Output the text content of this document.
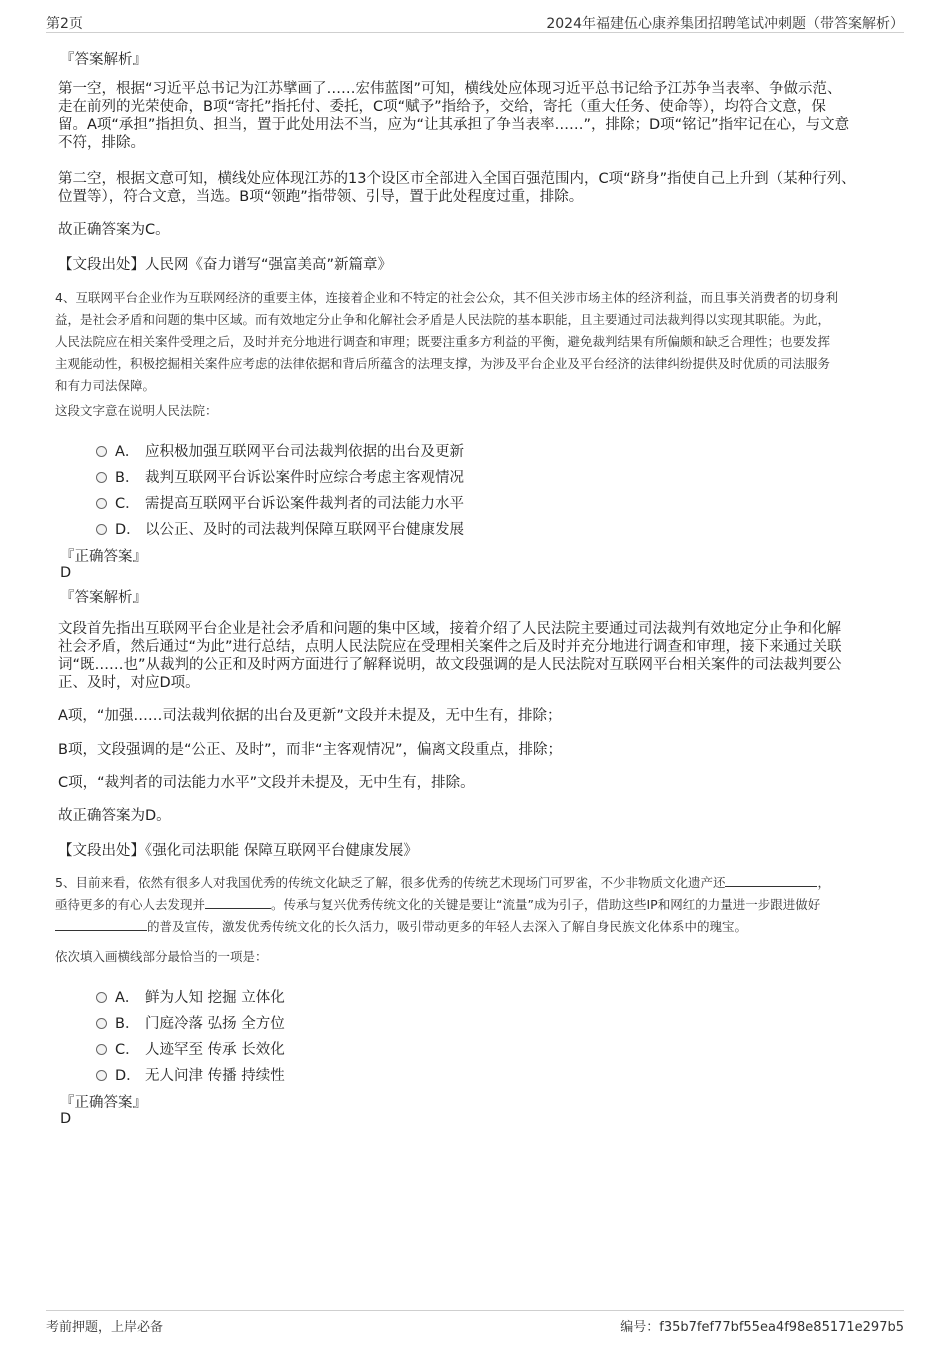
第2页	2024年福建伍心康养集团招聘笔试冲刺题（带答案解析）
『答案解析』
第一空，根据“习近平总书记为江苏擘画了……宏伟蓝图”可知，横线处应体现习近平总书记给予江苏争当表率、争做示范、
走在前列的光荣使命，B项“寄托”指托付、委托，C项“赋予”指给予，交给，寄托（重大任务、使命等），均符合文意，保
留。A项“承担”指担负、担当，置于此处用法不当，应为“让其承担了争当表率……”，排除；D项“铭记”指牢记在心，与文意
不符，排除。
第二空，根据文意可知，横线处应体现江苏的13个设区市全部进入全国百强范围内，C项“跻身”指使自己上升到（某种行列、
位置等），符合文意，当选。B项“领跑”指带领、引导，置于此处程度过重，排除。
故正确答案为C。
【文段出处】人民网《奋力谱写“强富美高”新篇章》
4、互联网平台企业作为互联网经济的重要主体，连接着企业和不特定的社会公众，其不但关涉市场主体的经济利益，而且事关消费者的切身利
益，是社会矛盾和问题的集中区域。而有效地定分止争和化解社会矛盾是人民法院的基本职能，且主要通过司法裁判得以实现其职能。为此，
人民法院应在相关案件受理之后，及时并充分地进行调查和审理；既要注重多方利益的平衡，避免裁判结果有所偏颇和缺乏合理性；也要发挥
主观能动性，积极挖掘相关案件应考虑的法律依据和背后所蕴含的法理支撑，为涉及平台企业及平台经济的法律纠纷提供及时优质的司法服务
和有力司法保障。
这段文字意在说明人民法院：
A． 应积极加强互联网平台司法裁判依据的出台及更新
B． 裁判互联网平台诉讼案件时应综合考虑主客观情况
C． 需提高互联网平台诉讼案件裁判者的司法能力水平
D． 以公正、及时的司法裁判保障互联网平台健康发展
『正确答案』
D
『答案解析』
文段首先指出互联网平台企业是社会矛盾和问题的集中区域，接着介绍了人民法院主要通过司法裁判有效地定分止争和化解
社会矛盾，然后通过“为此”进行总结，点明人民法院应在受理相关案件之后及时并充分地进行调查和审理，接下来通过关联
词“既……也”从裁判的公正和及时两方面进行了解释说明，故文段强调的是人民法院对互联网平台相关案件的司法裁判要公
正、及时，对应D项。
A项，“加强……司法裁判依据的出台及更新”文段并未提及，无中生有，排除；
B项，文段强调的是“公正、及时”，而非“主客观情况”，偏离文段重点，排除；
C项，“裁判者的司法能力水平”文段并未提及，无中生有，排除。
故正确答案为D。
【文段出处】《强化司法职能 保障互联网平台健康发展》
5、目前来看，依然有很多人对我国优秀的传统文化缺乏了解，很多优秀的传统艺术现场门可罗雀，不少非物质文化遗产还	，
亟待更多的有心人去发现并	。传承与复兴优秀传统文化的关键是要让“流量”成为引子，借助这些IP和网红的力量进一步跟进做好
的普及宣传，激发优秀传统文化的长久活力，吸引带动更多的年轻人去深入了解自身民族文化体系中的瑰宝。
依次填入画横线部分最恰当的一项是：
A． 鲜为人知 挖掘 立体化
B． 门庭冷落 弘扬 全方位
C． 人迹罕至 传承 长效化
D． 无人问津 传播 持续性
『正确答案』
D
考前押题，上岸必备	编号：f35b7fef77bf55ea4f98e85171e297b5
